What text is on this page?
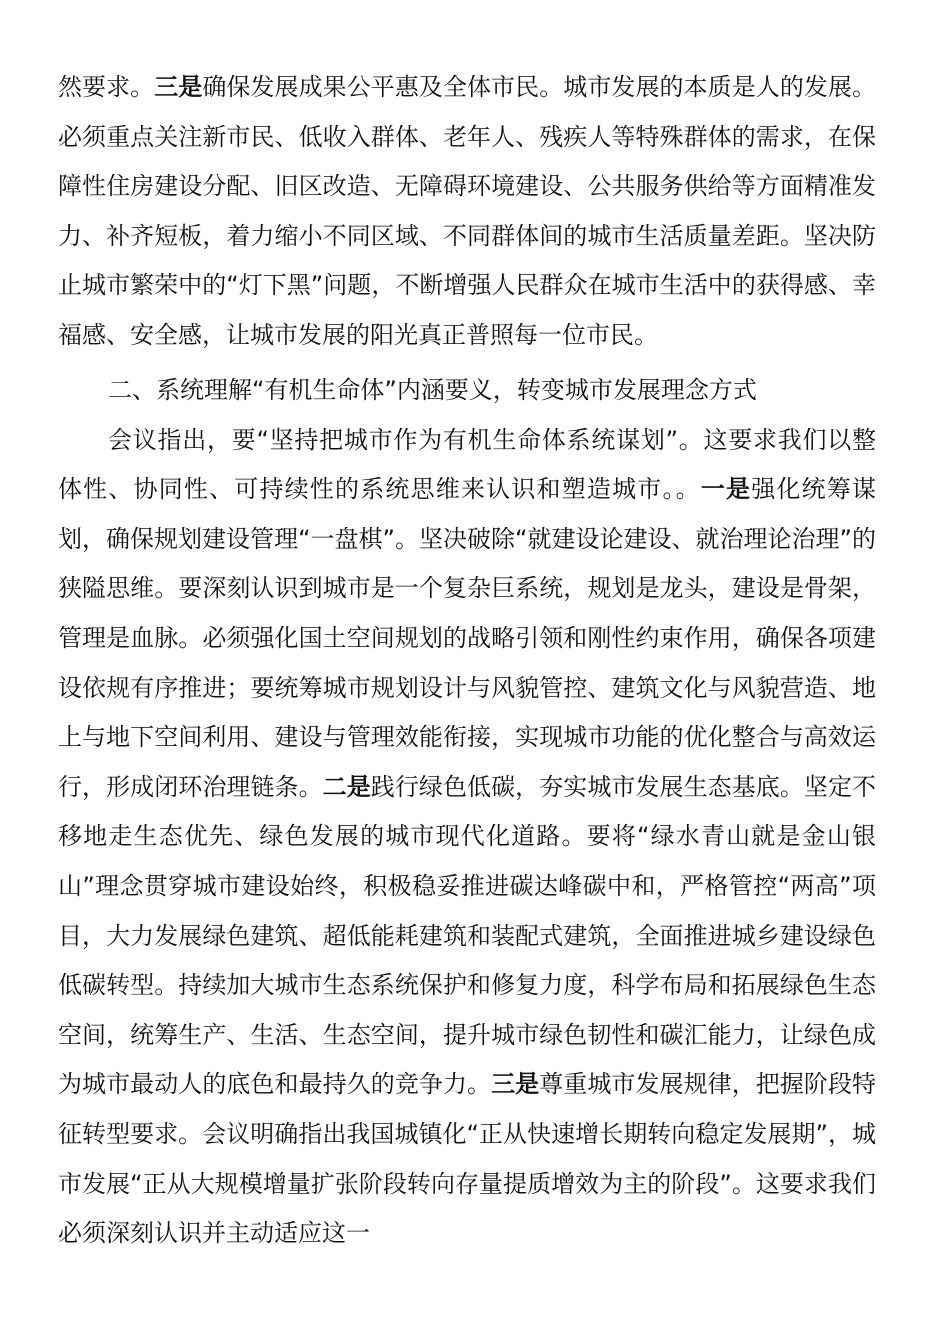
然要求。三是确保发展成果公平惠及全体市民。城市发展的本质是人的发展。必须重点关注新市民、低收入群体、老年人、残疾人等特殊群体的需求，在保障性住房建设分配、旧区改造、无障碍环境建设、公共服务供给等方面精准发力、补齐短板，着力缩小不同区域、不同群体间的城市生活质量差距。坚决防止城市繁荣中的“灯下黑”问题，不断增强人民群众在城市生活中的获得感、幸福感、安全感，让城市发展的阳光真正普照每一位市民。
二、系统理解“有机生命体”内涵要义，转变城市发展理念方式
会议指出，要“坚持把城市作为有机生命体系统谋划”。这要求我们以整体性、协同性、可持续性的系统思维来认识和塑造城市。。一是强化统筹谋划，确保规划建设管理“一盘棋”。坚决破除“就建设论建设、就治理论治理”的狭隘思维。要深刻认识到城市是一个复杂巨系统，规划是龙头，建设是骨架，管理是血脉。必须强化国土空间规划的战略引领和刚性约束作用，确保各项建设依规有序推进；要统筹城市规划设计与风貌管控、建筑文化与风貌营造、地上与地下空间利用、建设与管理效能衔接，实现城市功能的优化整合与高效运行，形成闭环治理链条。二是践行绿色低碳，夯实城市发展生态基底。坚定不移地走生态优先、绿色发展的城市现代化道路。要将“绿水青山就是金山银山”理念贯穿城市建设始终，积极稳妥推进碳达峰碳中和，严格管控“两高”项目，大力发展绿色建筑、超低能耗建筑和装配式建筑，全面推进城乡建设绿色低碳转型。持续加大城市生态系统保护和修复力度，科学布局和拓展绿色生态空间，统筹生产、生活、生态空间，提升城市绿色韧性和碳汇能力，让绿色成为城市最动人的底色和最持久的竞争力。三是尊重城市发展规律，把握阶段特征转型要求。会议明确指出我国城镇化“正从快速增长期转向稳定发展期”，城市发展“正从大规模增量扩张阶段转向存量提质增效为主的阶段”。这要求我们必须深刻认识并主动适应这一
